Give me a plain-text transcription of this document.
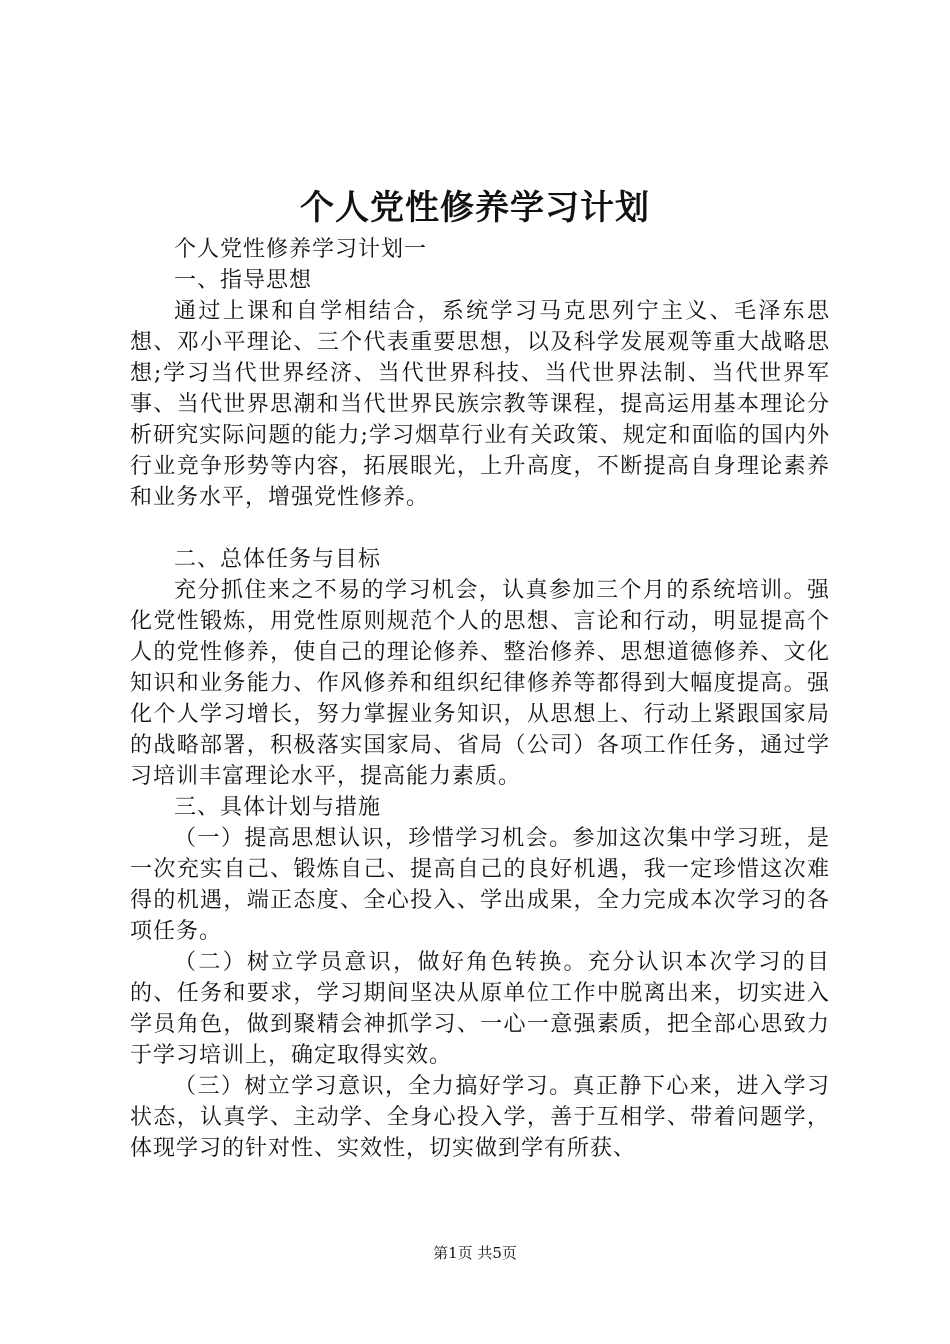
个人党性修养学习计划

个人党性修养学习计划一

一、指导思想

通过上课和自学相结合，系统学习马克思列宁主义、毛泽东思想、邓小平理论、三个代表重要思想，以及科学发展观等重大战略思想;学习当代世界经济、当代世界科技、当代世界法制、当代世界军事、当代世界思潮和当代世界民族宗教等课程，提高运用基本理论分析研究实际问题的能力;学习烟草行业有关政策、规定和面临的国内外行业竞争形势等内容，拓展眼光，上升高度，不断提高自身理论素养和业务水平，增强党性修养。

二、总体任务与目标

充分抓住来之不易的学习机会，认真参加三个月的系统培训。强化党性锻炼，用党性原则规范个人的思想、言论和行动，明显提高个人的党性修养，使自己的理论修养、整治修养、思想道德修养、文化知识和业务能力、作风修养和组织纪律修养等都得到大幅度提高。强化个人学习增长，努力掌握业务知识，从思想上、行动上紧跟国家局的战略部署，积极落实国家局、省局（公司）各项工作任务，通过学习培训丰富理论水平，提高能力素质。

三、具体计划与措施

（一）提高思想认识，珍惜学习机会。参加这次集中学习班，是一次充实自己、锻炼自己、提高自己的良好机遇，我一定珍惜这次难得的机遇，端正态度、全心投入、学出成果，全力完成本次学习的各项任务。

（二）树立学员意识，做好角色转换。充分认识本次学习的目的、任务和要求，学习期间坚决从原单位工作中脱离出来，切实进入学员角色，做到聚精会神抓学习、一心一意强素质，把全部心思致力于学习培训上，确定取得实效。

（三）树立学习意识，全力搞好学习。真正静下心来，进入学习状态，认真学、主动学、全身心投入学，善于互相学、带着问题学，体现学习的针对性、实效性，切实做到学有所获、

第1页 共5页
